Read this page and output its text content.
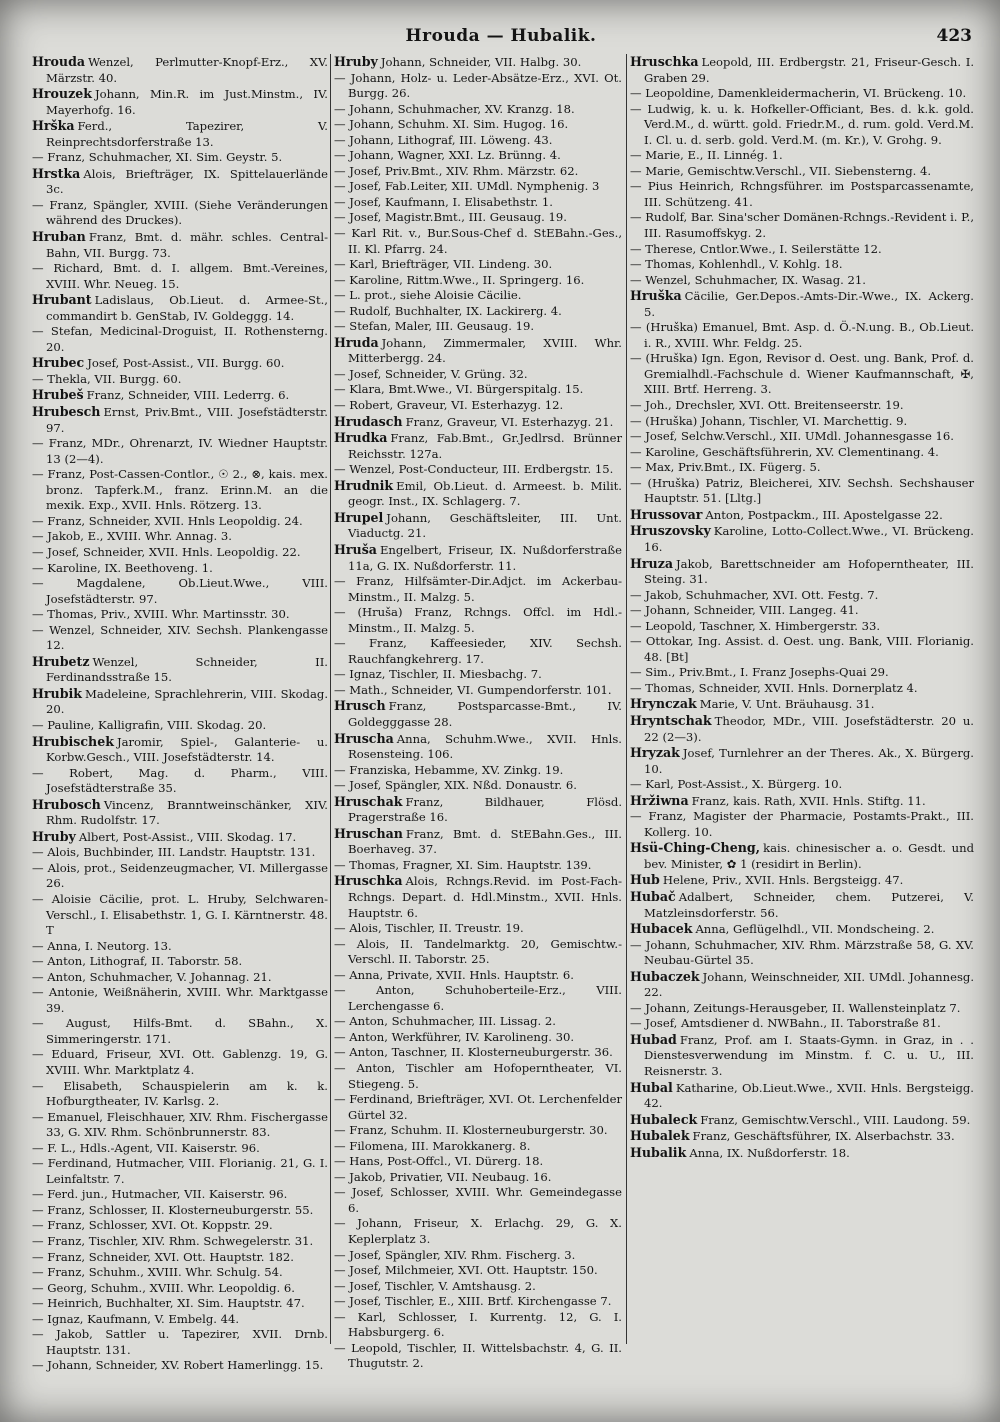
Hrouda — Hubalik.	423
Hrouda Wenzel, Perlmutter-Knopf-Erz., XV. Märzstr. 40.
Hrouzek Johann, Min.R. im Just.Minstm., IV. Mayerhofg. 16.
Hrška Ferd., Tapezirer, V. Reinprechtsdorferstraße 13.
— Franz, Schuhmacher, XI. Sim. Geystr. 5.
Hrstka Alois, Briefträger, IX. Spittelauerlände 3c.
— Franz, Spängler, XVIII. (Siehe Veränderungen während des Druckes).
Hruban Franz, Bmt. d. mähr. schles. Central-Bahn, VII. Burgg. 73.
— Richard, Bmt. d. I. allgem. Bmt.-Vereines, XVIII. Whr. Neueg. 15.
Hrubant Ladislaus, Ob.Lieut. d. Armee-St., commandirt b. GenStab, IV. Goldeggg. 14.
— Stefan, Medicinal-Droguist, II. Rothensterng. 20.
Hrubec Josef, Post-Assist., VII. Burgg. 60.
— Thekla, VII. Burgg. 60.
Hrubeš Franz, Schneider, VIII. Lederrg. 6.
Hrubesch Ernst, Priv.Bmt., VIII. Josefstädterstr. 97.
— Franz, MDr., Ohrenarzt, IV. Wiedner Hauptstr. 13 (2—4).
— Franz, Post-Cassen-Contlor., ☉ 2., ⊗, kais. mex. bronz. Tapferk.M., franz. Erinn.M. an die mexik. Exp., XVII. Hnls. Rötzerg. 13.
— Franz, Schneider, XVII. Hnls Leopoldig. 24.
— Jakob, E., XVIII. Whr. Annag. 3.
— Josef, Schneider, XVII. Hnls. Leopoldig. 22.
— Karoline, IX. Beethoveng. 1.
— Magdalene, Ob.Lieut.Wwe., VIII. Josefstädterstr. 97.
— Thomas, Priv., XVIII. Whr. Martinsstr. 30.
— Wenzel, Schneider, XIV. Sechsh. Plankengasse 12.
Hrubetz Wenzel, Schneider, II. Ferdinandsstraße 15.
Hrubik Madeleine, Sprachlehrerin, VIII. Skodag. 20.
— Pauline, Kalligrafin, VIII. Skodag. 20.
Hrubischek Jaromir, Spiel-, Galanterie- u. Korbw.Gesch., VIII. Josefstädterstr. 14.
— Robert, Mag. d. Pharm., VIII. Josefstädterstraße 35.
Hrubosch Vincenz, Branntweinschänker, XIV. Rhm. Rudolfstr. 17.
Hruby Albert, Post-Assist., VIII. Skodag. 17.
— Alois, Buchbinder, III. Landstr. Hauptstr. 131.
— Alois, prot., Seidenzeugmacher, VI. Millergasse 26.
— Aloisie Cäcilie, prot. L. Hruby, Selchwaren-Verschl., I. Elisabethstr. 1, G. I. Kärntnerstr. 48. T
— Anna, I. Neutorg. 13.
— Anton, Lithograf, II. Taborstr. 58.
— Anton, Schuhmacher, V. Johannag. 21.
— Antonie, Weißnäherin, XVIII. Whr. Marktgasse 39.
— August, Hilfs-Bmt. d. SBahn., X. Simmeringerstr. 171.
— Eduard, Friseur, XVI. Ott. Gablenzg. 19, G. XVIII. Whr. Marktplatz 4.
— Elisabeth, Schauspielerin am k. k. Hofburgtheater, IV. Karlsg. 2.
— Emanuel, Fleischhauer, XIV. Rhm. Fischergasse 33, G. XIV. Rhm. Schönbrunnerstr. 83.
— F. L., Hdls.-Agent, VII. Kaiserstr. 96.
— Ferdinand, Hutmacher, VIII. Florianig. 21, G. I. Leinfaltstr. 7.
— Ferd. jun., Hutmacher, VII. Kaiserstr. 96.
— Franz, Schlosser, II. Klosterneuburgerstr. 55.
— Franz, Schlosser, XVI. Ot. Koppstr. 29.
— Franz, Tischler, XIV. Rhm. Schwegelerstr. 31.
— Franz, Schneider, XVI. Ott. Hauptstr. 182.
— Franz, Schuhm., XVIII. Whr. Schulg. 54.
— Georg, Schuhm., XVIII. Whr. Leopoldig. 6.
— Heinrich, Buchhalter, XI. Sim. Hauptstr. 47.
— Ignaz, Kaufmann, V. Embelg. 44.
— Jakob, Sattler u. Tapezirer, XVII. Drnb. Hauptstr. 131.
— Johann, Schneider, XV. Robert Hamerlingg. 15.
Hruby Johann, Schneider, VII. Halbg. 30.
— Johann, Holz- u. Leder-Absätze-Erz., XVI. Ot. Burgg. 26.
— Johann, Schuhmacher, XV. Kranzg. 18.
— Johann, Schuhm. XI. Sim. Hugog. 16.
— Johann, Lithograf, III. Löweng. 43.
— Johann, Wagner, XXI. Lz. Brünng. 4.
— Josef, Priv.Bmt., XIV. Rhm. Märzstr. 62.
— Josef, Fab.Leiter, XII. UMdl. Nymphenig. 3
— Josef, Kaufmann, I. Elisabethstr. 1.
— Josef, Magistr.Bmt., III. Geusaug. 19.
— Karl Rit. v., Bur.Sous-Chef d. StEBahn.-Ges., II. Kl. Pfarrg. 24.
— Karl, Briefträger, VII. Lindeng. 30.
— Karoline, Rittm.Wwe., II. Springerg. 16.
— L. prot., siehe Aloisie Cäcilie.
— Rudolf, Buchhalter, IX. Lackirerg. 4.
— Stefan, Maler, III. Geusaug. 19.
Hruda Johann, Zimmermaler, XVIII. Whr. Mitterbergg. 24.
— Josef, Schneider, V. Grüng. 32.
— Klara, Bmt.Wwe., VI. Bürgerspitalg. 15.
— Robert, Graveur, VI. Esterhazyg. 12.
Hrudasch Franz, Graveur, VI. Esterhazyg. 21.
Hrudka Franz, Fab.Bmt., Gr.Jedlrsd. Brünner Reichsstr. 127a.
— Wenzel, Post-Conducteur, III. Erdbergstr. 15.
Hrudnik Emil, Ob.Lieut. d. Armeest. b. Milit. geogr. Inst., IX. Schlagerg. 7.
Hrupel Johann, Geschäftsleiter, III. Unt. Viaductg. 21.
Hruša Engelbert, Friseur, IX. Nußdorferstraße 11a, G. IX. Nußdorferstr. 11.
— Franz, Hilfsämter-Dir.Adjct. im Ackerbau-Minstm., II. Malzg. 5.
— (Hruša) Franz, Rchngs. Offcl. im Hdl.-Minstm., II. Malzg. 5.
— Franz, Kaffeesieder, XIV. Sechsh. Rauchfangkehrerg. 17.
— Ignaz, Tischler, II. Miesbachg. 7.
— Math., Schneider, VI. Gumpendorferstr. 101.
Hrusch Franz, Postsparcasse-Bmt., IV. Goldegggasse 28.
Hruscha Anna, Schuhm.Wwe., XVII. Hnls. Rosensteing. 106.
— Franziska, Hebamme, XV. Zinkg. 19.
— Josef, Spängler, XIX. Nßd. Donaustr. 6.
Hruschak Franz, Bildhauer, Flösd. Pragerstraße 16.
Hruschan Franz, Bmt. d. StEBahn.Ges., III. Boerhaveg. 37.
— Thomas, Fragner, XI. Sim. Hauptstr. 139.
Hruschka Alois, Rchngs.Revid. im Post-Fach-Rchngs. Depart. d. Hdl.Minstm., XVII. Hnls. Hauptstr. 6.
— Alois, Tischler, II. Treustr. 19.
— Alois, II. Tandelmarktg. 20, Gemischtw.-Verschl. II. Taborstr. 25.
— Anna, Private, XVII. Hnls. Hauptstr. 6.
— Anton, Schuhoberteile-Erz., VIII. Lerchengasse 6.
— Anton, Schuhmacher, III. Lissag. 2.
— Anton, Werkführer, IV. Karolineng. 30.
— Anton, Taschner, II. Klosterneuburgerstr. 36.
— Anton, Tischler am Hofoperntheater, VI. Stiegeng. 5.
— Ferdinand, Briefträger, XVI. Ot. Lerchenfelder Gürtel 32.
— Franz, Schuhm. II. Klosterneuburgerstr. 30.
— Filomena, III. Marokkanerg. 8.
— Hans, Post-Offcl., VI. Dürerg. 18.
— Jakob, Privatier, VII. Neubaug. 16.
— Josef, Schlosser, XVIII. Whr. Gemeindegasse 6.
— Johann, Friseur, X. Erlachg. 29, G. X. Keplerplatz 3.
— Josef, Spängler, XIV. Rhm. Fischerg. 3.
— Josef, Milchmeier, XVI. Ott. Hauptstr. 150.
— Josef, Tischler, V. Amtshausg. 2.
— Josef, Tischler, E., XIII. Brtf. Kirchengasse 7.
— Karl, Schlosser, I. Kurrentg. 12, G. I. Habsburgerg. 6.
— Leopold, Tischler, II. Wittelsbachstr. 4, G. II. Thugutstr. 2.
Hruschka Leopold, III. Erdbergstr. 21, Friseur-Gesch. I. Graben 29.
— Leopoldine, Damenkleidermacherin, VI. Brückeng. 10.
— Ludwig, k. u. k. Hofkeller-Officiant, Bes. d. k.k. gold. Verd.M., d. württ. gold. Friedr.M., d. rum. gold. Verd.M. I. Cl. u. d. serb. gold. Verd.M. (m. Kr.), V. Grohg. 9.
— Marie, E., II. Linnég. 1.
— Marie, Gemischtw.Verschl., VII. Siebensterng. 4.
— Pius Heinrich, Rchngsführer. im Postsparcassenamte, III. Schützeng. 41.
— Rudolf, Bar. Sina'scher Domänen-Rchngs.-Revident i. P., III. Rasumoffskyg. 2.
— Therese, Cntlor.Wwe., I. Seilerstätte 12.
— Thomas, Kohlenhdl., V. Kohlg. 18.
— Wenzel, Schuhmacher, IX. Wasag. 21.
Hruška Cäcilie, Ger.Depos.-Amts-Dir.-Wwe., IX. Ackerg. 5.
— (Hruška) Emanuel, Bmt. Asp. d. Ö.-N.ung. B., Ob.Lieut. i. R., XVIII. Whr. Feldg. 25.
— (Hruška) Ign. Egon, Revisor d. Oest. ung. Bank, Prof. d. Gremialhdl.-Fachschule d. Wiener Kaufmannschaft, ✠, XIII. Brtf. Herreng. 3.
— Joh., Drechsler, XVI. Ott. Breitenseerstr. 19.
— (Hruška) Johann, Tischler, VI. Marchettig. 9.
— Josef, Selchw.Verschl., XII. UMdl. Johannesgasse 16.
— Karoline, Geschäftsführerin, XV. Clementinang. 4.
— Max, Priv.Bmt., IX. Fügerg. 5.
— (Hruška) Patriz, Bleicherei, XIV. Sechsh. Sechshauser Hauptstr. 51. [Lltg.]
Hrussovar Anton, Postpackm., III. Apostelgasse 22.
Hruszovsky Karoline, Lotto-Collect.Wwe., VI. Brückeng. 16.
Hruza Jakob, Barettschneider am Hofoperntheater, III. Steing. 31.
— Jakob, Schuhmacher, XVI. Ott. Festg. 7.
— Johann, Schneider, VIII. Langeg. 41.
— Leopold, Taschner, X. Himbergerstr. 33.
— Ottokar, Ing. Assist. d. Oest. ung. Bank, VIII. Florianig. 48. [Bt]
— Sim., Priv.Bmt., I. Franz Josephs-Quai 29.
— Thomas, Schneider, XVII. Hnls. Dornerplatz 4.
Hrynczak Marie, V. Unt. Bräuhausg. 31.
Hryntschak Theodor, MDr., VIII. Josefstädterstr. 20 u. 22 (2—3).
Hryzak Josef, Turnlehrer an der Theres. Ak., X. Bürgerg. 10.
— Karl, Post-Assist., X. Bürgerg. 10.
Hržiwna Franz, kais. Rath, XVII. Hnls. Stiftg. 11.
— Franz, Magister der Pharmacie, Postamts-Prakt., III. Kollerg. 10.
Hsü-Ching-Cheng, kais. chinesischer a. o. Gesdt. und bev. Minister, ✿ 1 (residirt in Berlin).
Hub Helene, Priv., XVII. Hnls. Bergsteigg. 47.
Hubač Adalbert, Schneider, chem. Putzerei, V. Matzleinsdorferstr. 56.
Hubacek Anna, Geflügelhdl., VII. Mondscheing. 2.
— Johann, Schuhmacher, XIV. Rhm. Märzstraße 58, G. XV. Neubau-Gürtel 35.
Hubaczek Johann, Weinschneider, XII. UMdl. Johannesg. 22.
— Johann, Zeitungs-Herausgeber, II. Wallensteinplatz 7.
— Josef, Amtsdiener d. NWBahn., II. Taborstraße 81.
Hubad Franz, Prof. am I. Staats-Gymn. in Graz, in . . Dienstesverwendung im Minstm. f. C. u. U., III. Reisnerstr. 3.
Hubal Katharine, Ob.Lieut.Wwe., XVII. Hnls. Bergsteigg. 42.
Hubaleck Franz, Gemischtw.Verschl., VIII. Laudong. 59.
Hubalek Franz, Geschäftsführer, IX. Alserbachstr. 33.
Hubalik Anna, IX. Nußdorferstr. 18.
